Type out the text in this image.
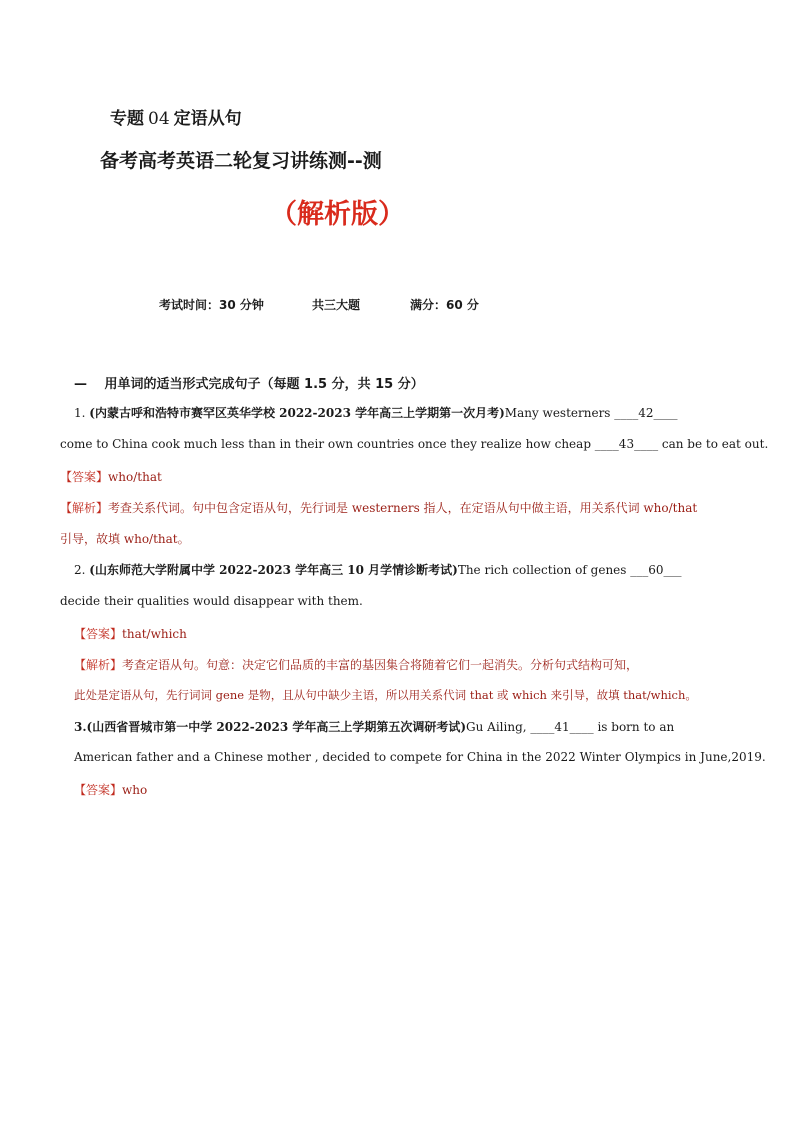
专题 04 定语从句
备考高考英语二轮复习讲练测--测
（解析版）
考试时间：30 分钟	共三大题	满分：60 分
— 用单词的适当形式完成句子（每题 1.5 分，共 15 分）
1. (内蒙古呼和浩特市赛罕区英华学校 2022-2023 学年高三上学期第一次月考)Many westerners ____42____
come to China cook much less than in their own countries once they realize how cheap ____43____ can be to eat out.
【答案】who/that
【解析】考查关系代词。句中包含定语从句，先行词是 westerners 指人，在定语从句中做主语，用关系代词 who/that
引导，故填 who/that。
2. (山东师范大学附属中学 2022-2023 学年高三 10 月学情诊断考试)The rich collection of genes ___60___
decide their qualities would disappear with them.
【答案】that/which
【解析】考查定语从句。句意：决定它们品质的丰富的基因集合将随着它们一起消失。分析句式结构可知，
此处是定语从句，先行词词 gene 是物，且从句中缺少主语，所以用关系代词 that 或 which 来引导，故填 that/which。
3.(山西省晋城市第一中学 2022-2023 学年高三上学期第五次调研考试)Gu Ailing, ____41____ is born to an
American father and a Chinese mother , decided to compete for China in the 2022 Winter Olympics in June,2019.
【答案】who
